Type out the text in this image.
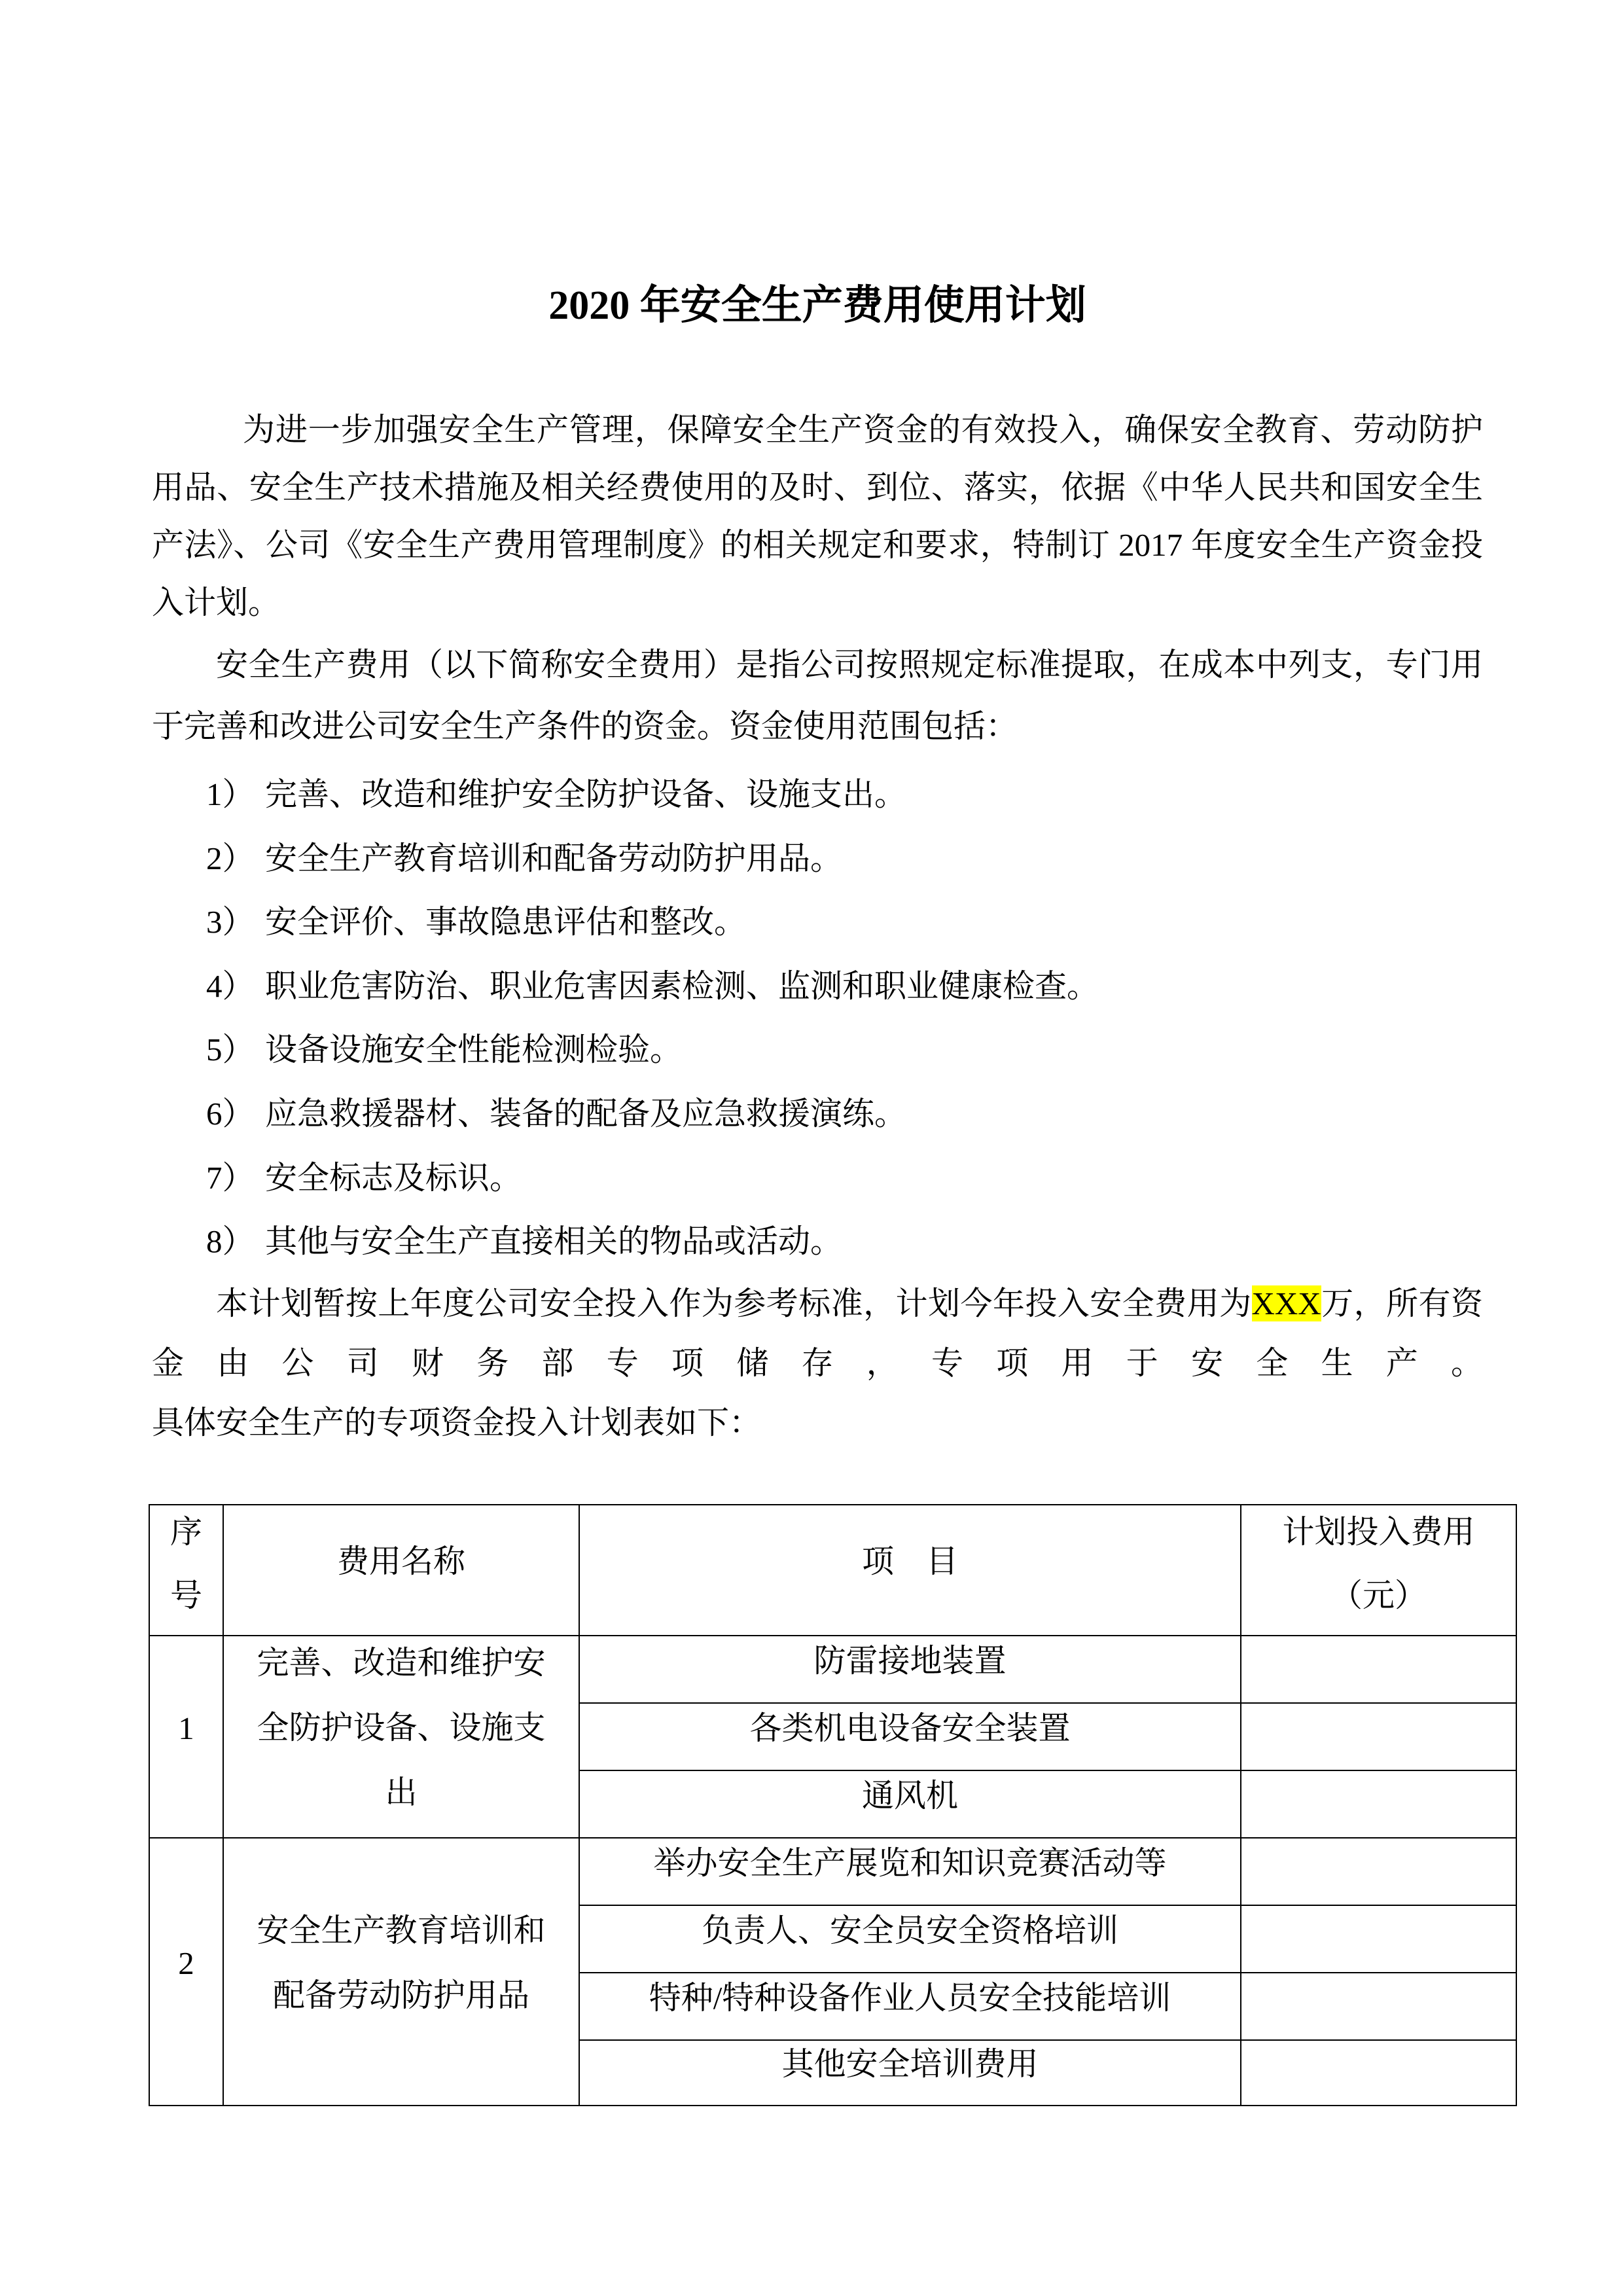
2020 年安全生产费用使用计划
为进一步加强安全生产管理，保障安全生产资金的有效投入，确保安全教育、劳动防护
用品、安全生产技术措施及相关经费使用的及时、到位、落实，依据《中华人民共和国安全生
产法》、公司《安全生产费用管理制度》的相关规定和要求，特制订 2017 年度安全生产资金投
入计划。
安全生产费用（以下简称安全费用）是指公司按照规定标准提取，在成本中列支，专门用
于完善和改进公司安全生产条件的资金。资金使用范围包括：
1） 完善、改造和维护安全防护设备、设施支出。
2） 安全生产教育培训和配备劳动防护用品。
3） 安全评价、事故隐患评估和整改。
4） 职业危害防治、职业危害因素检测、监测和职业健康检查。
5） 设备设施安全性能检测检验。
6） 应急救援器材、装备的配备及应急救援演练。
7） 安全标志及标识。
8） 其他与安全生产直接相关的物品或活动。
本计划暂按上年度公司安全投入作为参考标准，计划今年投入安全费用为XXX万，所有资
金由公司财务部专项储存，专项用于安全生产。
具体安全生产的专项资金投入计划表如下：
序号	费用名称	项　目	计划投入费用（元）

1	完善、改造和维护安全防护设备、设施支出	防雷接地装置	

		各类机电设备安全装置	

		通风机	

2	安全生产教育培训和配备劳动防护用品	举办安全生产展览和知识竞赛活动等	

		负责人、安全员安全资格培训	

		特种/特种设备作业人员安全技能培训	

		其他安全培训费用	
